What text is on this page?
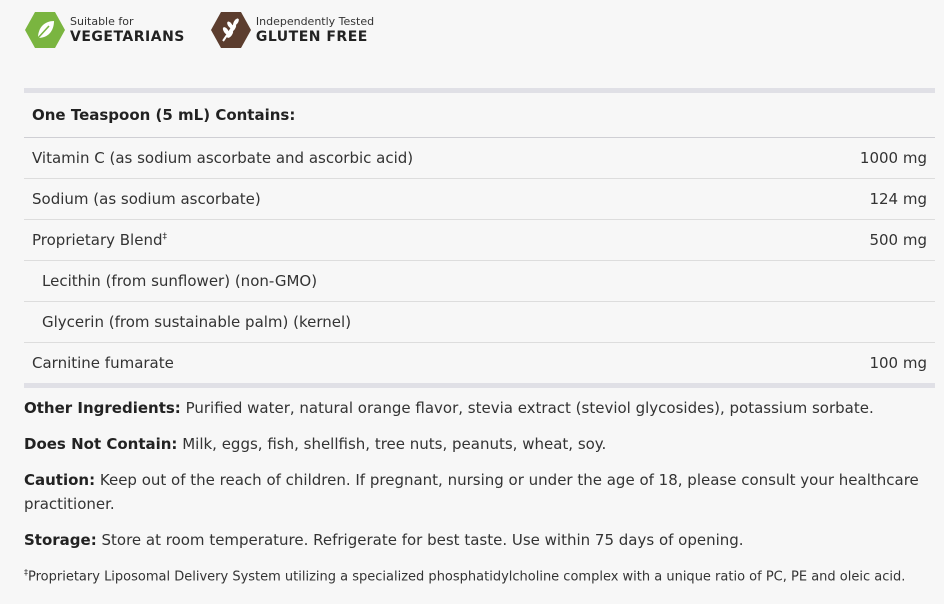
Suitable for
VEGETARIANS
Independently Tested
GLUTEN FREE
One Teaspoon (5 mL) Contains:
Vitamin C (as sodium ascorbate and ascorbic acid)	1000 mg
Sodium (as sodium ascorbate)	124 mg
Proprietary Blend‡	500 mg
Lecithin (from sunflower) (non-GMO)
Glycerin (from sustainable palm) (kernel)
Carnitine fumarate	100 mg

Other Ingredients: Purified water, natural orange flavor, stevia extract (steviol glycosides), potassium sorbate.

Does Not Contain: Milk, eggs, fish, shellfish, tree nuts, peanuts, wheat, soy.

Caution: Keep out of the reach of children. If pregnant, nursing or under the age of 18, please consult your healthcare practitioner.

Storage: Store at room temperature. Refrigerate for best taste. Use within 75 days of opening.

‡Proprietary Liposomal Delivery System utilizing a specialized phosphatidylcholine complex with a unique ratio of PC, PE and oleic acid.
